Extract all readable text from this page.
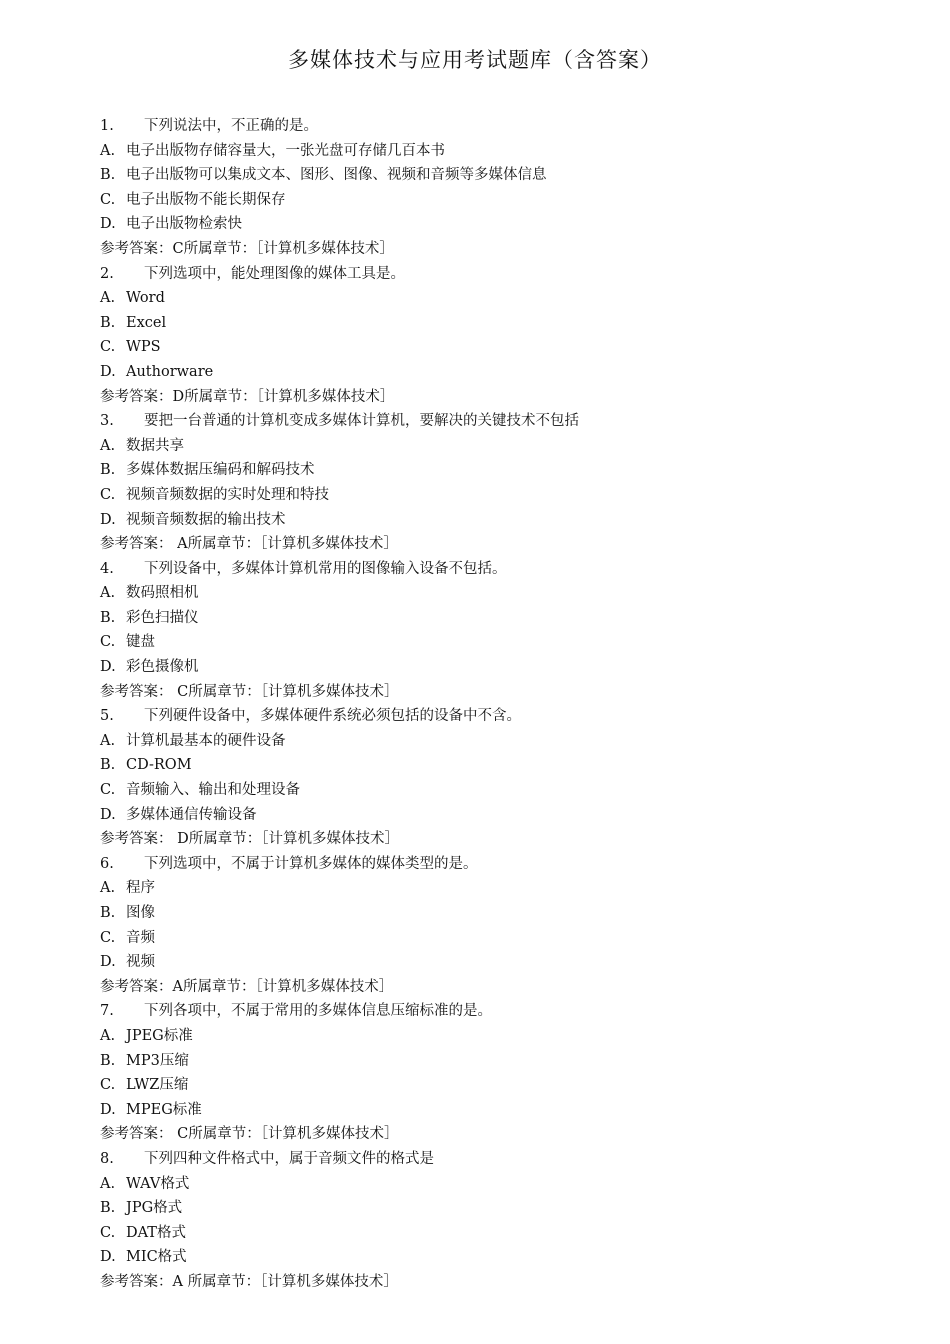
多媒体技术与应用考试题库（含答案）
1. 下列说法中，不正确的是。
A. 电子出版物存储容量大，一张光盘可存储几百本书
B. 电子出版物可以集成文本、图形、图像、视频和音频等多媒体信息
C. 电子出版物不能长期保存
D. 电子出版物检索快
参考答案：C所属章节：［计算机多媒体技术］
2. 下列选项中，能处理图像的媒体工具是。
A. Word
B. Excel
C. WPS
D. Authorware
参考答案：D所属章节：［计算机多媒体技术］
3. 要把一台普通的计算机变成多媒体计算机，要解决的关键技术不包括
A. 数据共享
B. 多媒体数据压编码和解码技术
C. 视频音频数据的实时处理和特技
D. 视频音频数据的输出技术
参考答案： A所属章节：［计算机多媒体技术］
4. 下列设备中，多媒体计算机常用的图像输入设备不包括。
A. 数码照相机
B. 彩色扫描仪
C. 键盘
D. 彩色摄像机
参考答案： C所属章节：［计算机多媒体技术］
5. 下列硬件设备中，多媒体硬件系统必须包括的设备中不含。
A. 计算机最基本的硬件设备
B. CD-ROM
C. 音频输入、输出和处理设备
D. 多媒体通信传输设备
参考答案： D所属章节：［计算机多媒体技术］
6. 下列选项中，不属于计算机多媒体的媒体类型的是。
A. 程序
B. 图像
C. 音频
D. 视频
参考答案：A所属章节：［计算机多媒体技术］
7. 下列各项中，不属于常用的多媒体信息压缩标准的是。
A. JPEG标准
B. MP3压缩
C. LWZ压缩
D. MPEG标准
参考答案： C所属章节：［计算机多媒体技术］
8. 下列四种文件格式中，属于音频文件的格式是
A. WAV格式
B. JPG格式
C. DAT格式
D. MIC格式
参考答案：A 所属章节：［计算机多媒体技术］
